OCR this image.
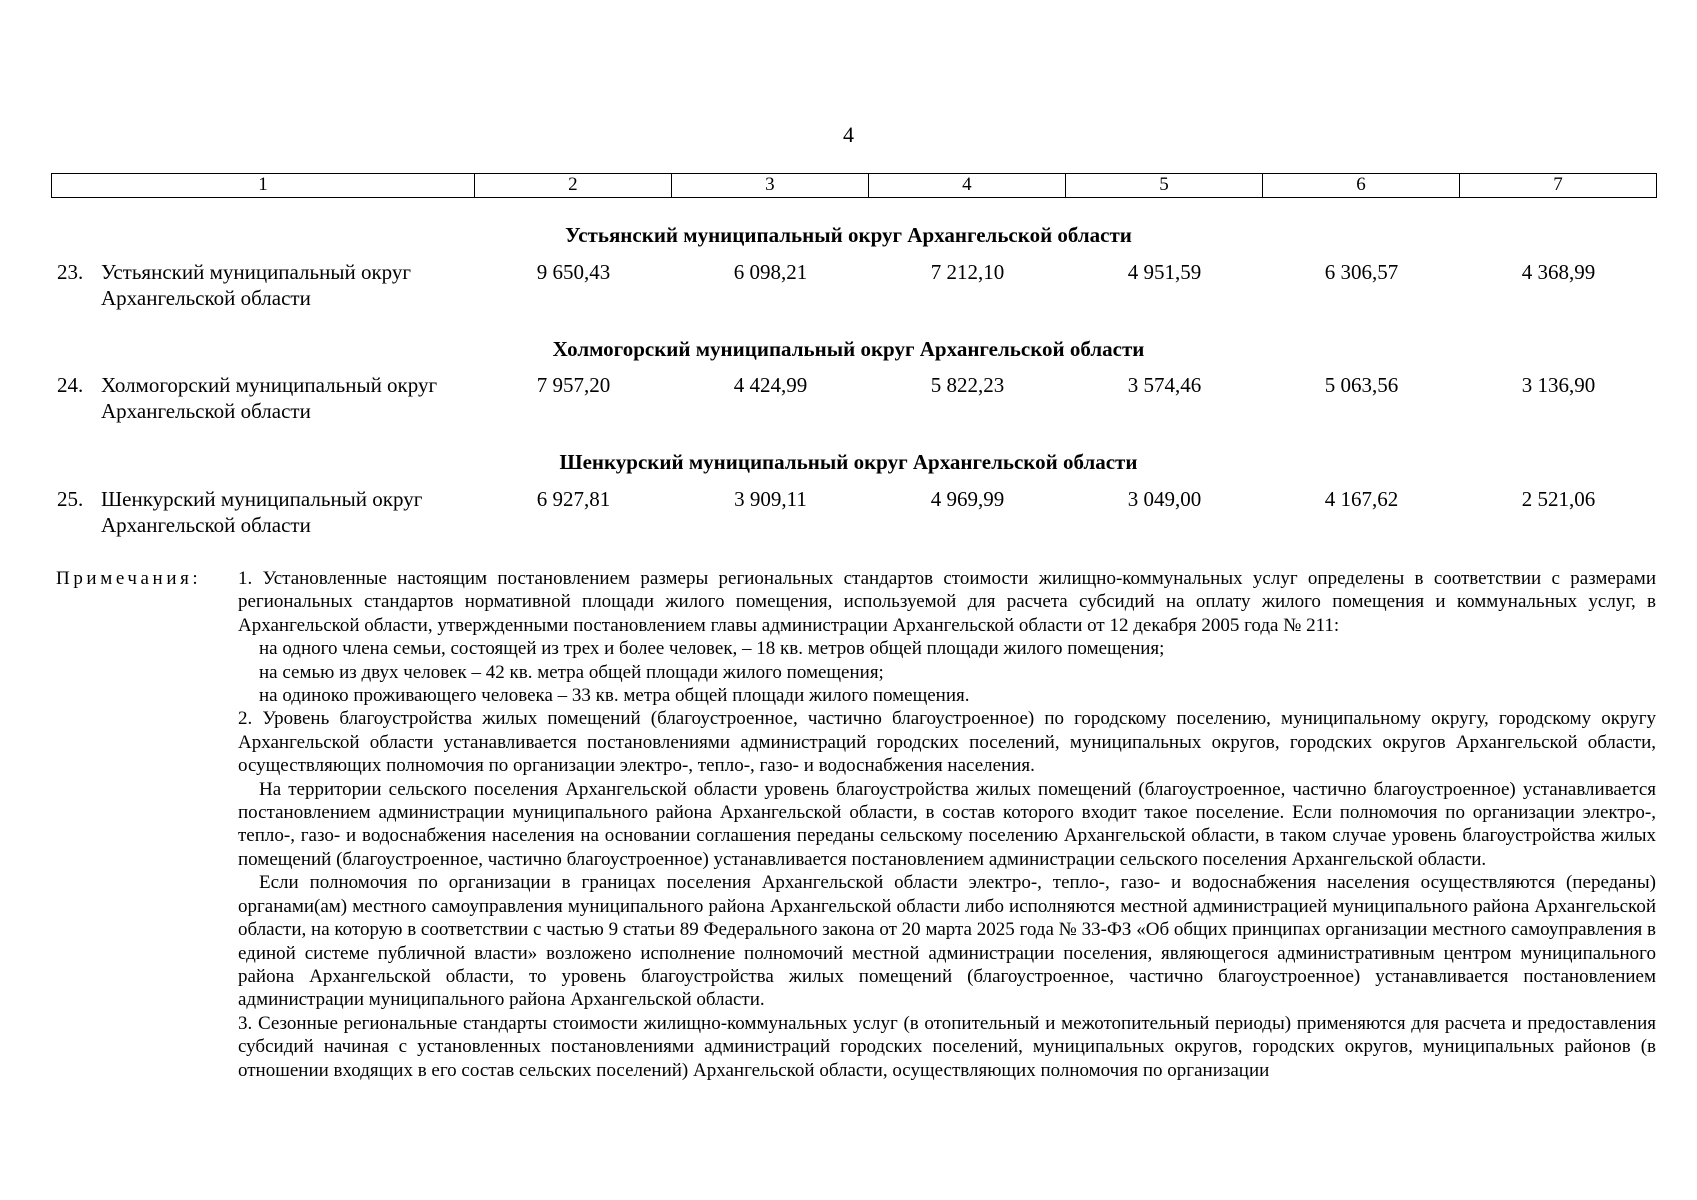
4
1	2	3	4	5	6	7
Устьянский муниципальный округ Архангельской области
23. Устьянский муниципальный округ
Архангельской области
9 650,43	6 098,21	7 212,10	4 951,59	6 306,57	4 368,99
Холмогорский муниципальный округ Архангельской области
24. Холмогорский муниципальный округ
Архангельской области
7 957,20	4 424,99	5 822,23	3 574,46	5 063,56	3 136,90
Шенкурский муниципальный округ Архангельской области
25. Шенкурский муниципальный округ
Архангельской области
6 927,81	3 909,11	4 969,99	3 049,00	4 167,62	2 521,06
Примечания: 1. Установленные настоящим постановлением размеры региональных стандартов стоимости жилищно-коммунальных услуг определены в соответствии с размерами региональных стандартов нормативной площади жилого помещения, используемой для расчета субсидий на оплату жилого помещения и коммунальных услуг, в Архангельской области, утвержденными постановлением главы администрации Архангельской области от 12 декабря 2005 года № 211:

на одного члена семьи, состоящей из трех и более человек, – 18 кв. метров общей площади жилого помещения;

на семью из двух человек – 42 кв. метра общей площади жилого помещения;

на одиноко проживающего человека – 33 кв. метра общей площади жилого помещения.

2. Уровень благоустройства жилых помещений (благоустроенное, частично благоустроенное) по городскому поселению, муниципальному округу, городскому округу Архангельской области устанавливается постановлениями администраций городских поселений, муниципальных округов, городских округов Архангельской области, осуществляющих полномочия по организации электро-, тепло-, газо- и водоснабжения населения.

На территории сельского поселения Архангельской области уровень благоустройства жилых помещений (благоустроенное, частично благоустроенное) устанавливается постановлением администрации муниципального района Архангельской области, в состав которого входит такое поселение. Если полномочия по организации электро-, тепло-, газо- и водоснабжения населения на основании соглашения переданы сельскому поселению Архангельской области, в таком случае уровень благоустройства жилых помещений (благоустроенное, частично благоустроенное) устанавливается постановлением администрации сельского поселения Архангельской области.

Если полномочия по организации в границах поселения Архангельской области электро-, тепло-, газо- и водоснабжения населения осуществляются (переданы) органами(ам) местного самоуправления муниципального района Архангельской области либо исполняются местной администрацией муниципального района Архангельской области, на которую в соответствии с частью 9 статьи 89 Федерального закона от 20 марта 2025 года № 33-ФЗ «Об общих принципах организации местного самоуправления в единой системе публичной власти» возложено исполнение полномочий местной администрации поселения, являющегося административным центром муниципального района Архангельской области, то уровень благоустройства жилых помещений (благоустроенное, частично благоустроенное) устанавливается постановлением администрации муниципального района Архангельской области.

3. Сезонные региональные стандарты стоимости жилищно-коммунальных услуг (в отопительный и межотопительный периоды) применяются для расчета и предоставления субсидий начиная с установленных постановлениями администраций городских поселений, муниципальных округов, городских округов, муниципальных районов (в отношении входящих в его состав сельских поселений) Архангельской области, осуществляющих полномочия по организации
